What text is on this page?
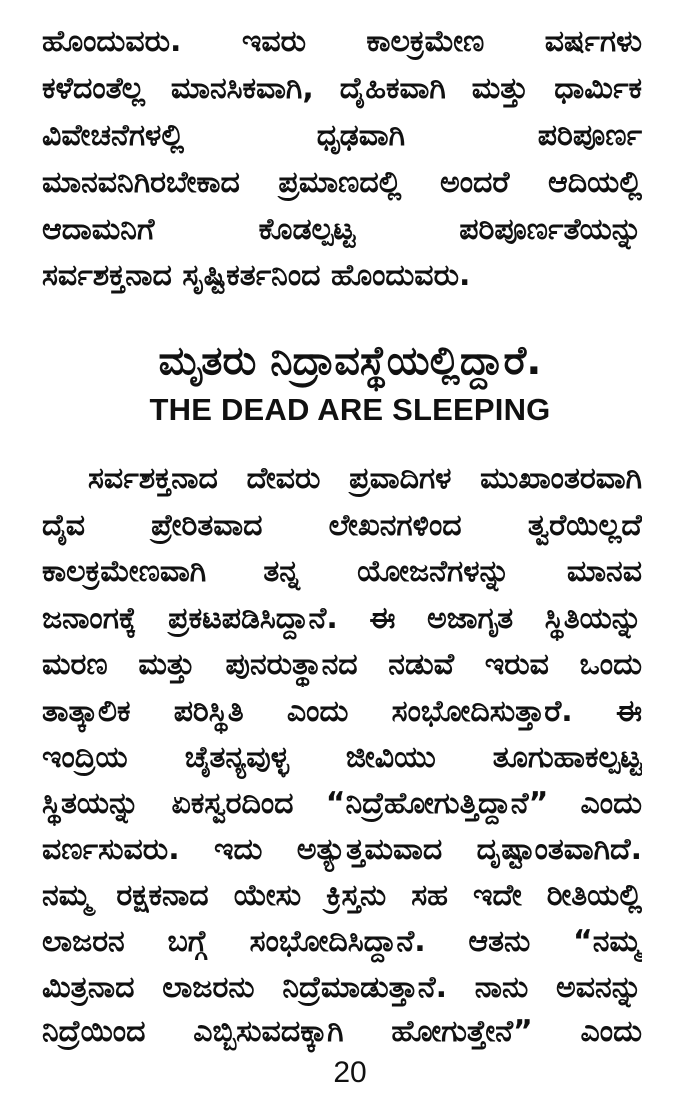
ಹೊಂದುವರು. ಇವರು ಕಾಲಕ್ರಮೇಣ ವರ್ಷಗಳು
ಕಳೆದಂತೆಲ್ಲ ಮಾನಸಿಕವಾಗಿ, ದೈಹಿಕವಾಗಿ ಮತ್ತು ಧಾರ್ಮಿಕ
ವಿವೇಚನೆಗಳಲ್ಲಿ ಧೃಢವಾಗಿ ಪರಿಪೂರ್ಣ
ಮಾನವನಿಗಿರಬೇಕಾದ ಪ್ರಮಾಣದಲ್ಲಿ ಅಂದರೆ ಆದಿಯಲ್ಲಿ
ಆದಾಮನಿಗೆ ಕೊಡಲ್ಪಟ್ಟ ಪರಿಪೂರ್ಣತೆಯನ್ನು
ಸರ್ವಶಕ್ತನಾದ ಸೃಷ್ಟಿಕರ್ತನಿಂದ ಹೊಂದುವರು.
ಮೃತರು ನಿದ್ರಾವಸ್ಥೆಯಲ್ಲಿದ್ದಾರೆ.
THE DEAD ARE SLEEPING
ಸರ್ವಶಕ್ತನಾದ ದೇವರು ಪ್ರವಾದಿಗಳ ಮುಖಾಂತರವಾಗಿ
ದೈವ ಪ್ರೇರಿತವಾದ ಲೇಖನಗಳಿಂದ ತ್ವರೆಯಿಲ್ಲದೆ
ಕಾಲಕ್ರಮೇಣವಾಗಿ ತನ್ನ ಯೋಜನೆಗಳನ್ನು ಮಾನವ
ಜನಾಂಗಕ್ಕೆ ಪ್ರಕಟಪಡಿಸಿದ್ದಾನೆ. ಈ ಅಜಾಗೃತ ಸ್ಥಿತಿಯನ್ನು
ಮರಣ ಮತ್ತು ಪುನರುತ್ಥಾನದ ನಡುವೆ ಇರುವ ಒಂದು
ತಾತ್ಕಾಲಿಕ ಪರಿಸ್ಥಿತಿ ಎಂದು ಸಂಭೋದಿಸುತ್ತಾರೆ. ಈ
ಇಂದ್ರಿಯ ಚೈತನ್ಯವುಳ್ಳ ಜೀವಿಯು ತೂಗುಹಾಕಲ್ಪಟ್ಟ
ಸ್ಥಿತಯನ್ನು ಏಕಸ್ವರದಿಂದ “ನಿದ್ರೆಹೋಗುತ್ತಿದ್ದಾನೆ” ಎಂದು
ವರ್ಣಸುವರು. ಇದು ಅತ್ಯುತ್ತಮವಾದ ದೃಷ್ಟಾಂತವಾಗಿದೆ.
ನಮ್ಮ ರಕ್ಷಕನಾದ ಯೇಸು ಕ್ರಿಸ್ತನು ಸಹ ಇದೇ ರೀತಿಯಲ್ಲಿ
ಲಾಜರನ ಬಗ್ಗೆ ಸಂಭೋದಿಸಿದ್ದಾನೆ. ಆತನು “ನಮ್ಮ
ಮಿತ್ರನಾದ ಲಾಜರನು ನಿದ್ರೆಮಾಡುತ್ತಾನೆ. ನಾನು ಅವನನ್ನು
ನಿದ್ರೆಯಿಂದ ಎಬ್ಬಿಸುವದಕ್ಕಾಗಿ ಹೋಗುತ್ತೇನೆ” ಎಂದು
20
